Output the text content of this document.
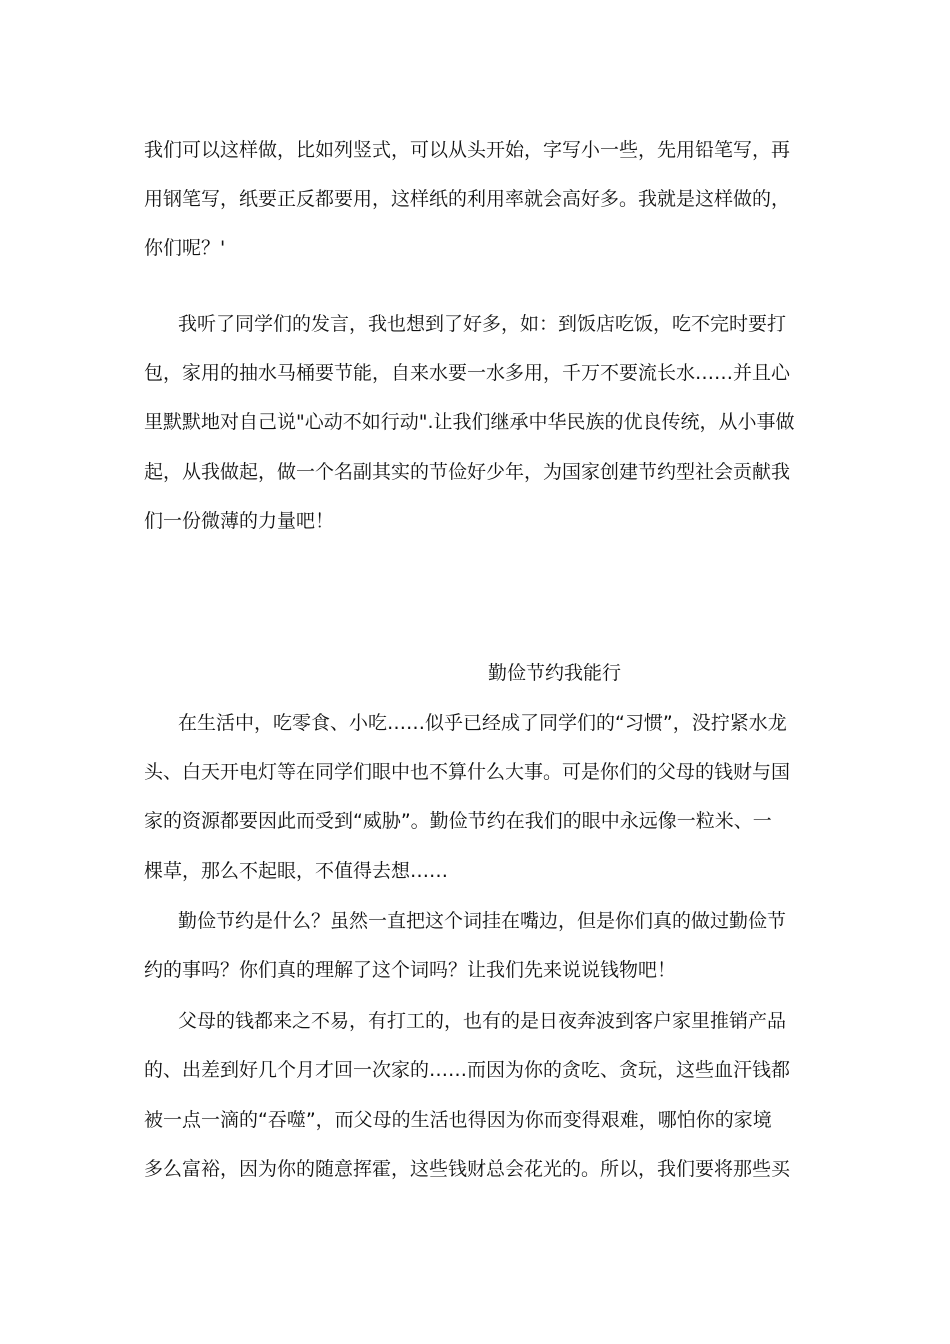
我们可以这样做，比如列竖式，可以从头开始，字写小一些，先用铅笔写，再
用钢笔写，纸要正反都要用，这样纸的利用率就会高好多。我就是这样做的，
你们呢？'
我听了同学们的发言，我也想到了好多，如：到饭店吃饭，吃不完时要打
包，家用的抽水马桶要节能，自来水要一水多用，千万不要流长水……并且心
里默默地对自己说"心动不如行动".让我们继承中华民族的优良传统，从小事做
起，从我做起，做一个名副其实的节俭好少年，为国家创建节约型社会贡献我
们一份微薄的力量吧！
勤俭节约我能行
在生活中，吃零食、小吃……似乎已经成了同学们的“习惯”，没拧紧水龙
头、白天开电灯等在同学们眼中也不算什么大事。可是你们的父母的钱财与国
家的资源都要因此而受到“威胁”。勤俭节约在我们的眼中永远像一粒米、一
棵草，那么不起眼，不值得去想……
勤俭节约是什么？虽然一直把这个词挂在嘴边，但是你们真的做过勤俭节
约的事吗？你们真的理解了这个词吗？让我们先来说说钱物吧！
父母的钱都来之不易，有打工的，也有的是日夜奔波到客户家里推销产品
的、出差到好几个月才回一次家的……而因为你的贪吃、贪玩，这些血汗钱都
被一点一滴的“吞噬”，而父母的生活也得因为你而变得艰难，哪怕你的家境
多么富裕，因为你的随意挥霍，这些钱财总会花光的。所以，我们要将那些买
